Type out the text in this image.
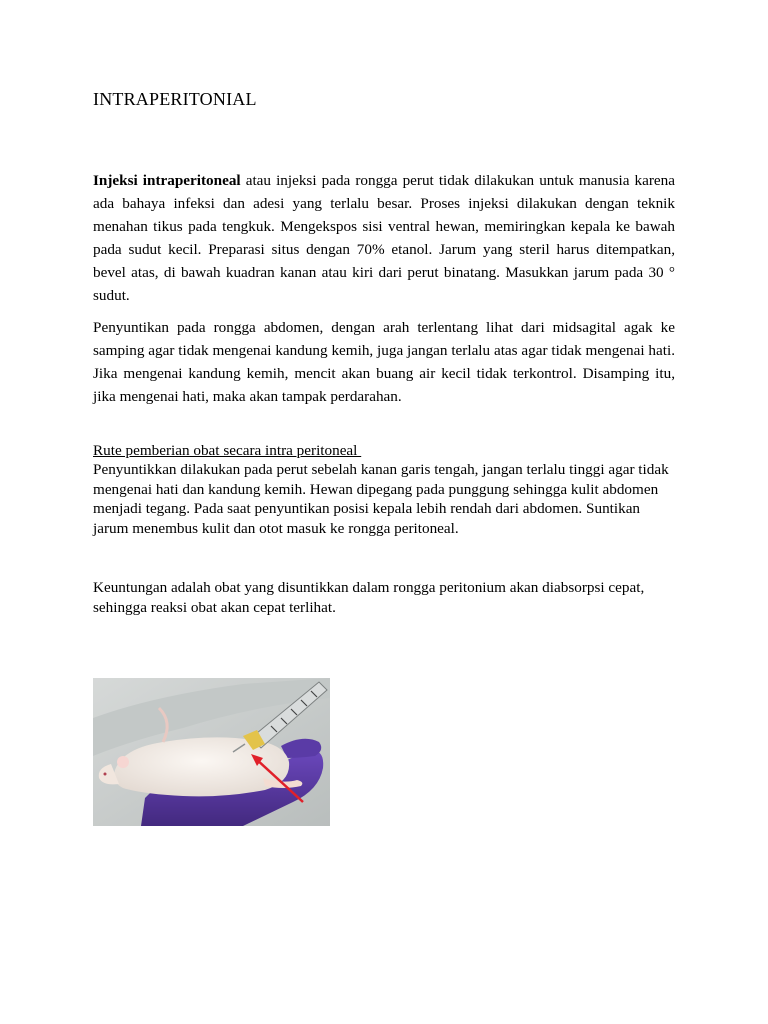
INTRAPERITONIAL

Injeksi intraperitoneal atau injeksi pada rongga perut tidak dilakukan untuk manusia karena ada bahaya infeksi dan adesi yang terlalu besar. Proses injeksi dilakukan dengan teknik menahan tikus pada tengkuk. Mengekspos sisi ventral hewan, memiringkan kepala ke bawah pada sudut kecil. Preparasi situs dengan 70% etanol. Jarum yang steril harus ditempatkan, bevel atas, di bawah kuadran kanan atau kiri dari perut binatang. Masukkan jarum pada 30 ° sudut.

Penyuntikan pada rongga abdomen, dengan arah terlentang lihat dari midsagital agak ke samping agar tidak mengenai kandung kemih, juga jangan terlalu atas agar tidak mengenai hati. Jika mengenai kandung kemih, mencit akan buang air kecil tidak terkontrol. Disamping itu, jika mengenai hati, maka akan tampak perdarahan.

Rute pemberian obat secara intra peritoneal

Penyuntikkan dilakukan pada perut sebelah kanan garis tengah, jangan terlalu tinggi agar tidak mengenai hati dan kandung kemih. Hewan dipegang pada punggung sehingga kulit abdomen menjadi tegang. Pada saat penyuntikan posisi kepala lebih rendah dari abdomen. Suntikan jarum menembus kulit dan otot masuk ke rongga peritoneal.

Keuntungan adalah obat yang disuntikkan dalam rongga peritonium akan diabsorpsi cepat, sehingga reaksi obat akan cepat terlihat.
